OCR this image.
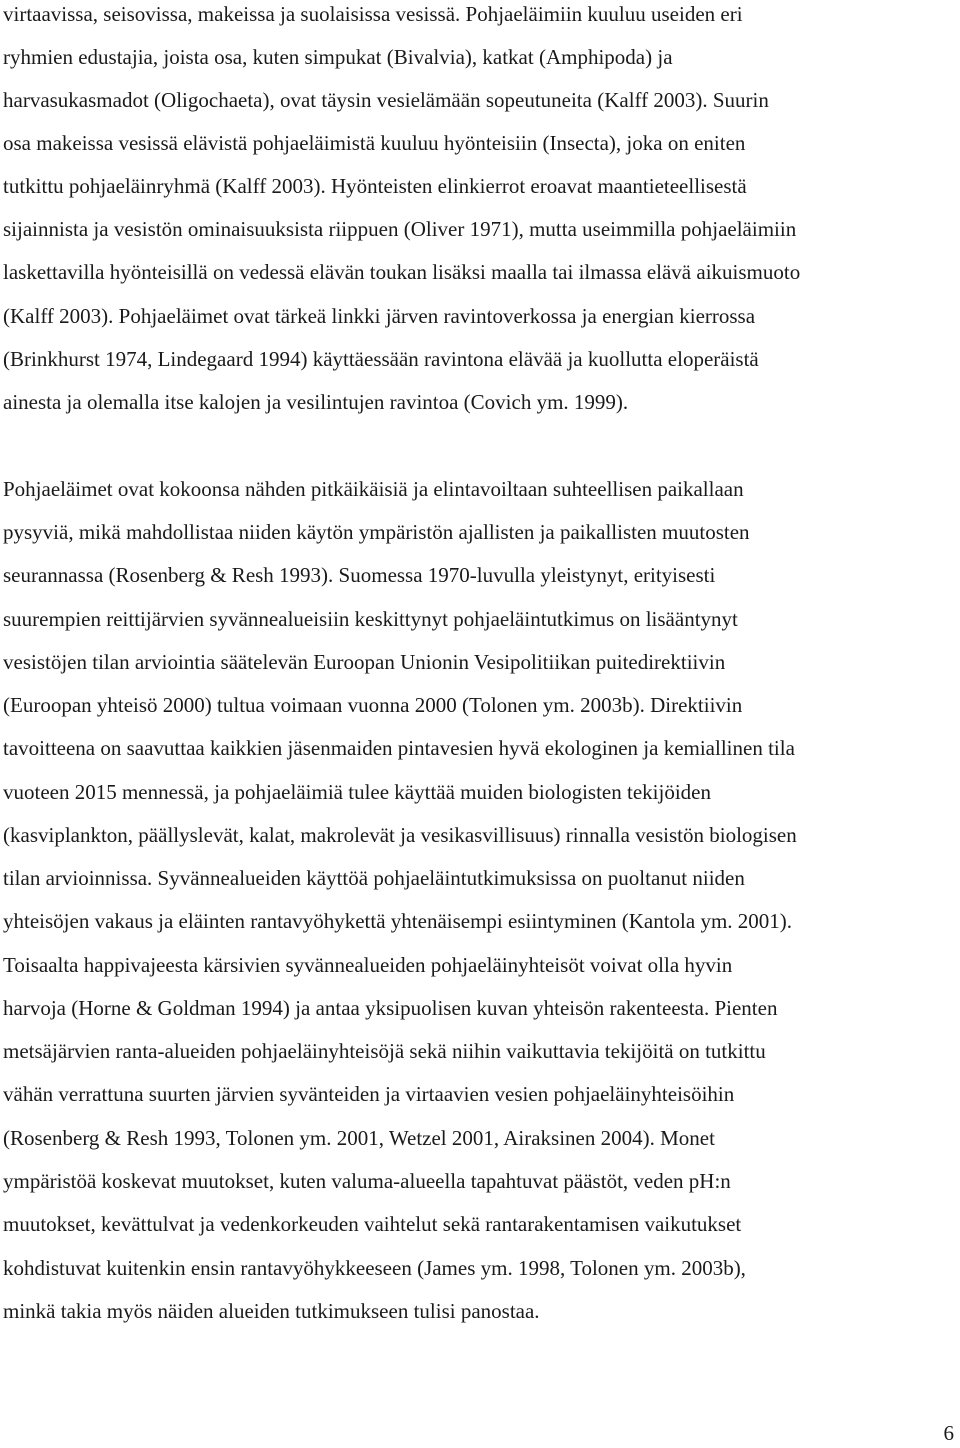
virtaavissa, seisovissa, makeissa ja suolaisissa vesissä. Pohjaeläimiin kuuluu useiden eri
ryhmien edustajia, joista osa, kuten simpukat (Bivalvia), katkat (Amphipoda) ja
harvasukasmadot (Oligochaeta), ovat täysin vesielämään sopeutuneita (Kalff 2003). Suurin
osa makeissa vesissä elävistä pohjaeläimistä kuuluu hyönteisiin (Insecta), joka on eniten
tutkittu pohjaeläinryhmä (Kalff 2003). Hyönteisten elinkierrot eroavat maantieteellisestä
sijainnista ja vesistön ominaisuuksista riippuen (Oliver 1971), mutta useimmilla pohjaeläimiin
laskettavilla hyönteisillä on vedessä elävän toukan lisäksi maalla tai ilmassa elävä aikuismuoto
(Kalff 2003). Pohjaeläimet ovat tärkeä linkki järven ravintoverkossa ja energian kierrossa
(Brinkhurst 1974, Lindegaard 1994) käyttäessään ravintona elävää ja kuollutta eloperäistä
ainesta ja olemalla itse kalojen ja vesilintujen ravintoa (Covich ym. 1999).
Pohjaeläimet ovat kokoonsa nähden pitkäikäisiä ja elintavoiltaan suhteellisen paikallaan
pysyviä, mikä mahdollistaa niiden käytön ympäristön ajallisten ja paikallisten muutosten
seurannassa (Rosenberg & Resh 1993). Suomessa 1970-luvulla yleistynyt, erityisesti
suurempien reittijärvien syvännealueisiin keskittynyt pohjaeläintutkimus on lisääntynyt
vesistöjen tilan arviointia säätelevän Euroopan Unionin Vesipolitiikan puitedirektiivin
(Euroopan yhteisö 2000) tultua voimaan vuonna 2000 (Tolonen ym. 2003b). Direktiivin
tavoitteena on saavuttaa kaikkien jäsenmaiden pintavesien hyvä ekologinen ja kemiallinen tila
vuoteen 2015 mennessä, ja pohjaeläimiä tulee käyttää muiden biologisten tekijöiden
(kasviplankton, päällyslevät, kalat, makrolevät ja vesikasvillisuus) rinnalla vesistön biologisen
tilan arvioinnissa. Syvännealueiden käyttöä pohjaeläintutkimuksissa on puoltanut niiden
yhteisöjen vakaus ja eläinten rantavyöhykettä yhtenäisempi esiintyminen (Kantola ym. 2001).
Toisaalta happivajeesta kärsivien syvännealueiden pohjaeläinyhteisöt voivat olla hyvin
harvoja (Horne & Goldman 1994) ja antaa yksipuolisen kuvan yhteisön rakenteesta. Pienten
metsäjärvien ranta-alueiden pohjaeläinyhteisöjä sekä niihin vaikuttavia tekijöitä on tutkittu
vähän verrattuna suurten järvien syvänteiden ja virtaavien vesien pohjaeläinyhteisöihin
(Rosenberg & Resh 1993, Tolonen ym. 2001, Wetzel 2001, Airaksinen 2004). Monet
ympäristöä koskevat muutokset, kuten valuma-alueella tapahtuvat päästöt, veden pH:n
muutokset, kevättulvat ja vedenkorkeuden vaihtelut sekä rantarakentamisen vaikutukset
kohdistuvat kuitenkin ensin rantavyöhykkeeseen (James ym. 1998, Tolonen ym. 2003b),
minkä takia myös näiden alueiden tutkimukseen tulisi panostaa.
6
